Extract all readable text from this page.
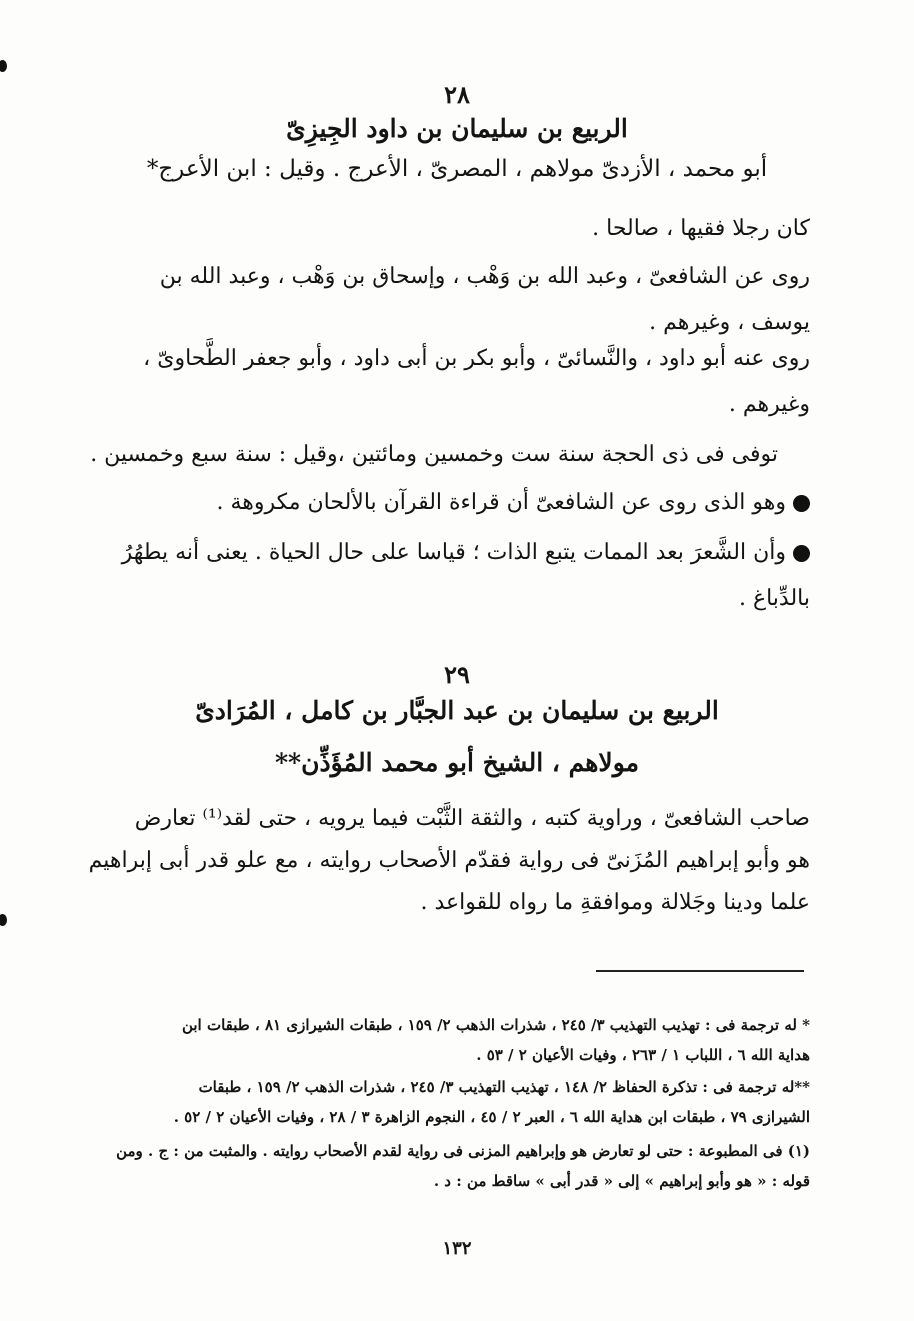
٢٨
الربيع بن سليمان بن داود الجِيزِىّ
أبو محمد ، الأزدىّ مولاهم ، المصرىّ ، الأعرج . وقيل : ابن الأعرج*
كان رجلا فقيها ، صالحا .
روى عن الشافعىّ ، وعبد الله بن وَهْب ، وإسحاق بن وَهْب ، وعبد الله بن
يوسف ، وغيرهم .
روى عنه أبو داود ، والنَّسائىّ ، وأبو بكر بن أبى داود ، وأبو جعفر الطَّحاوىّ ،
وغيرهم .
توفى فى ذى الحجة سنة ست وخمسين ومائتين ،وقيل : سنة سبع وخمسين .
وهو الذى روى عن الشافعىّ أن قراءة القرآن بالألحان مكروهة .
وأن الشَّعرَ بعد الممات يتبع الذات ؛ قياسا على حال الحياة . يعنى أنه يطهُرُ
بالدِّباغ .
٢٩
الربيع بن سليمان بن عبد الجبَّار بن كامل ، المُرَادىّ
مولاهم ، الشيخ أبو محمد المُؤَذِّن**
صاحب الشافعىّ ، وراوية كتبه ، والثقة الثَّبْت فيما يرويه ، حتى لقد⁽¹⁾ تعارض
هو وأبو إبراهيم المُزَنىّ فى رواية فقدّم الأصحاب روايته ، مع علو قدر أبى إبراهيم
علما ودينا وجَلالة وموافقةِ ما رواه للقواعد .
* له ترجمة فى : تهذيب التهذيب ٣/ ٢٤٥ ، شذرات الذهب ٢/ ١٥٩ ، طبقات الشيرازى ٨١ ، طبقات ابن
هداية الله ٦ ، اللباب ١ / ٢٦٣ ، وفيات الأعيان ٢ / ٥٣ .
**له ترجمة فى : تذكرة الحفاظ ٢/ ١٤٨ ، تهذيب التهذيب ٣/ ٢٤٥ ، شذرات الذهب ٢/ ١٥٩ ، طبقات
الشيرازى ٧٩ ، طبقات ابن هداية الله ٦ ، العبر ٢ / ٤٥ ، النجوم الزاهرة ٣ / ٢٨ ، وفيات الأعيان ٢ / ٥٢ .
(١) فى المطبوعة : حتى لو تعارض هو وإبراهيم المزنى فى رواية لقدم الأصحاب روايته . والمثبت من : ج . ومن
قوله : « هو وأبو إبراهيم » إلى « قدر أبى » ساقط من : د .
١٣٢
